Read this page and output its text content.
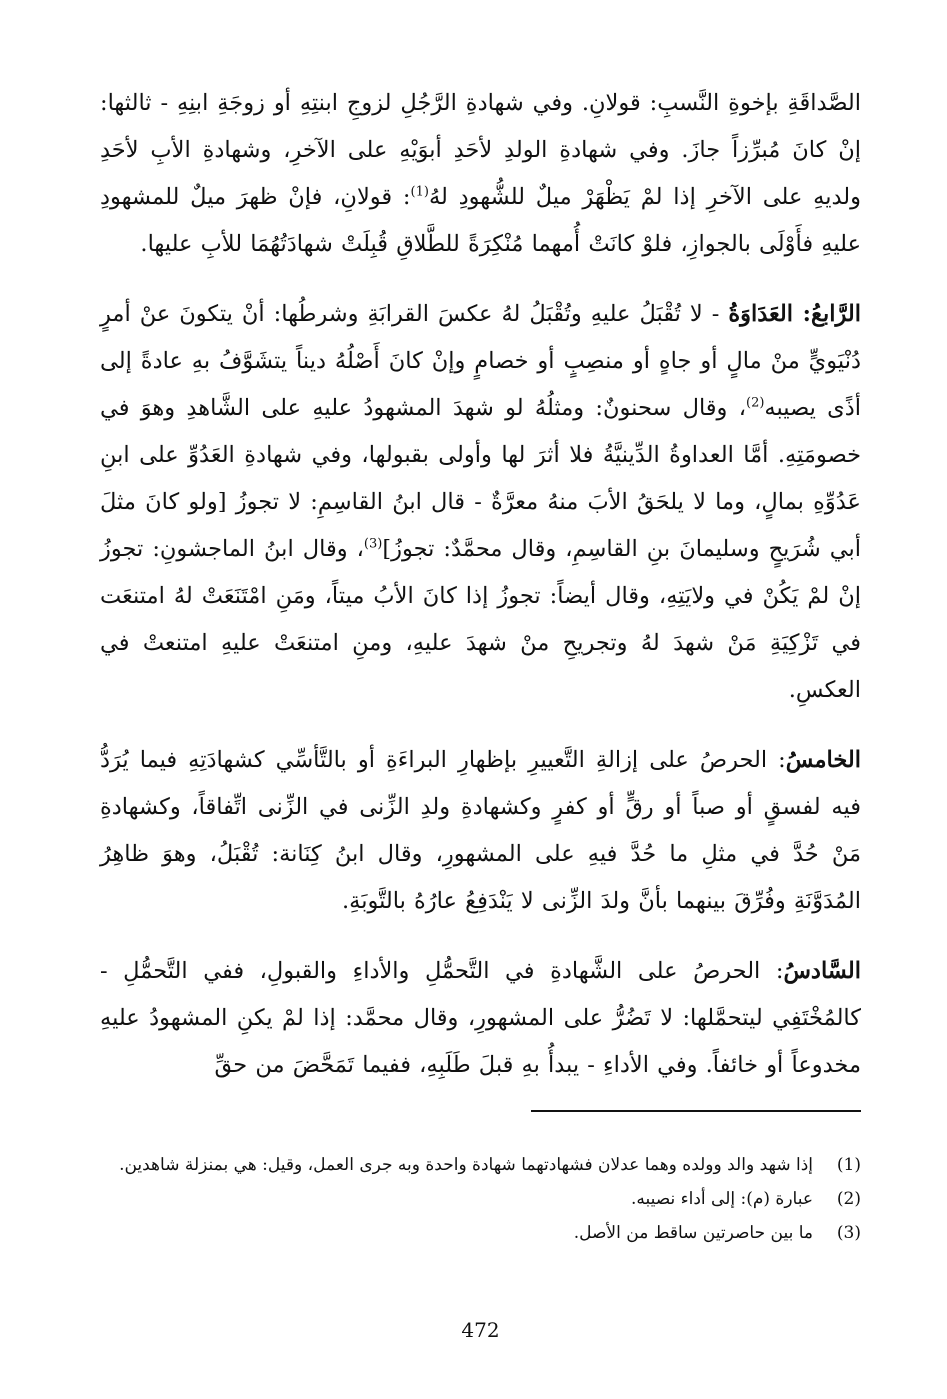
الصَّداقَةِ بإخوةِ النَّسبِ: قولانِ. وفي شهادةِ الرَّجُلِ لزوجِ ابنتِهِ أو زوجَةِ ابنِهِ - ثالثها: إنْ كانَ مُبرِّزاً جازَ. وفي شهادةِ الولدِ لأحَدِ أبوَيْهِ على الآخرِ، وشهادةِ الأبِ لأحَدِ ولديهِ على الآخرِ إذا لمْ يَظْهَرْ ميلٌ للشُّهودِ لهُ$^{(1)}$: قولانِ، فإنْ ظهرَ ميلٌ للمشهودِ عليهِ فأَوْلَى بالجوازِ، فلوْ كانَتْ أُمهما مُنْكِرَةً للطَّلاقِ قُبِلَتْ شهادَتُهُمَا للأبِ عليها.

الرَّابعُ: العَدَاوَةُ - لا تُقْبَلُ عليهِ وتُقْبَلُ لهُ عكسَ القرابَةِ وشرطُها: أنْ يتكونَ عنْ أمرٍ دُنْيَويٍّ منْ مالٍ أو جاهٍ أو منصِبٍ أو خصامٍ وإنْ كانَ أَصْلُهُ ديناً يتشَوَّفُ بهِ عادةً إلى أذًى يصيبه$^{(2)}$، وقال سحنونٌ: ومثلُهُ لو شهدَ المشهودُ عليهِ على الشَّاهدِ وهوَ في خصومَتِهِ. أمَّا العداوةُ الدِّينيَّةُ فلا أثرَ لها وأولى بقبولها، وفي شهادةِ العَدُوِّ على ابنِ عَدُوِّهِ بمالٍ، وما لا يلحَقُ الأبَ منهُ معرَّةٌ - قال ابنُ القاسِمِ: لا تجوزُ [ولو كانَ مثلَ أبي شُرَيحٍ وسليمانَ بنِ القاسِمِ، وقال محمَّدٌ: تجوزُ]$^{(3)}$، وقال ابنُ الماجشونِ: تجوزُ إنْ لمْ يَكُنْ في ولايَتِهِ، وقال أيضاً: تجوزُ إذا كانَ الأبُ ميتاً، ومَنِ امْتَنَعَتْ لهُ امتنعَت في تَزْكِيَةِ مَنْ شهدَ لهُ وتجريحِ منْ شهدَ عليهِ، ومنِ امتنعَتْ عليهِ امتنعتْ في العكسِ.

الخامسُ: الحرصُ على إزالةِ التَّعييرِ بإظهارِ البراءَةِ أو بالتَّأسِّي كشهادَتِهِ فيما يُرَدُّ فيه لفسقٍ أو صباً أو رقٍّ أو كفرٍ وكشهادةِ ولدِ الزِّنى في الزِّنى اتِّفاقاً، وكشهادةِ مَنْ حُدَّ في مثلِ ما حُدَّ فيهِ على المشهورِ، وقال ابنُ كِنَانة: تُقْبَلُ، وهوَ ظاهِرُ المُدَوَّنَةِ وفُرِّقَ بينهما بأنَّ ولدَ الزِّنى لا يَنْدَفِعُ عارُهُ بالتَّوبَةِ.

السَّادسُ: الحرصُ على الشَّهادةِ في التَّحمُّلِ والأداءِ والقبولِ، ففي التَّحمُّلِ - كالمُخْتَفِي ليتحمَّلها: لا تَضُرُّ على المشهورِ، وقال محمَّد: إذا لمْ يكنِ المشهودُ عليهِ مخدوعاً أو خائفاً. وفي الأداءِ - يبدأُ بهِ قبلَ طَلَبِهِ، ففيما تَمَحَّضَ من حقِّ

(1)
إذا شهد والد وولده وهما عدلان فشهادتهما شهادة واحدة وبه جرى العمل، وقيل: هي بمنزلة شاهدين.
(2)
عبارة (م): إلى أداء نصيبه.
(3)
ما بين حاصرتين ساقط من الأصل.
472
